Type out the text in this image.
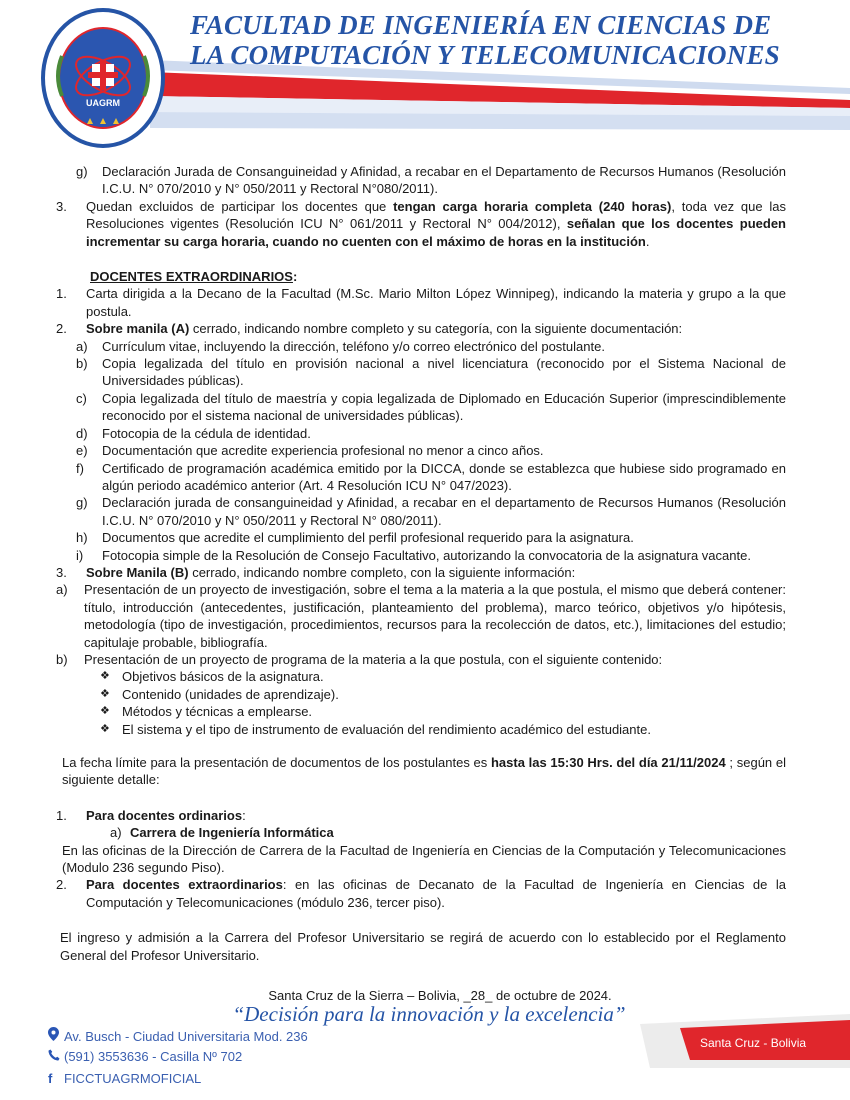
UAGRM
FACULTAD DE INGENIERÍA EN CIENCIAS DE
LA COMPUTACIÓN Y TELECOMUNICACIONES
g) Declaración Jurada de Consanguineidad y Afinidad, a recabar en el Departamento de Recursos Humanos (Resolución I.C.U. N° 070/2010 y N° 050/2011 y Rectoral N°080/2011).
3. Quedan excluidos de participar los docentes que tengan carga horaria completa (240 horas), toda vez que las Resoluciones vigentes (Resolución ICU N° 061/2011 y Rectoral N° 004/2012), señalan que los docentes pueden incrementar su carga horaria, cuando no cuenten con el máximo de horas en la institución.
DOCENTES EXTRAORDINARIOS:
1. Carta dirigida a la Decano de la Facultad (M.Sc. Mario Milton López Winnipeg), indicando la materia y grupo a la que postula.
2. Sobre manila (A) cerrado, indicando nombre completo y su categoría, con la siguiente documentación:
a) Currículum vitae, incluyendo la dirección, teléfono y/o correo electrónico del postulante.
b) Copia legalizada del título en provisión nacional a nivel licenciatura (reconocido por el Sistema Nacional de Universidades públicas).
c) Copia legalizada del título de maestría y copia legalizada de Diplomado en Educación Superior (imprescindiblemente reconocido por el sistema nacional de universidades públicas).
d) Fotocopia de la cédula de identidad.
e) Documentación que acredite experiencia profesional no menor a cinco años.
f) Certificado de programación académica emitido por la DICCA, donde se establezca que hubiese sido programado en algún periodo académico anterior (Art. 4 Resolución ICU N° 047/2023).
g) Declaración jurada de consanguineidad y Afinidad, a recabar en el departamento de Recursos Humanos (Resolución I.C.U. N° 070/2010 y N° 050/2011 y Rectoral N° 080/2011).
h) Documentos que acredite el cumplimiento del perfil profesional requerido para la asignatura.
i) Fotocopia simple de la Resolución de Consejo Facultativo, autorizando la convocatoria de la asignatura vacante.
3. Sobre Manila (B) cerrado, indicando nombre completo, con la siguiente información:
a) Presentación de un proyecto de investigación, sobre el tema a la materia a la que postula, el mismo que deberá contener: título, introducción (antecedentes, justificación, planteamiento del problema), marco teórico, objetivos y/o hipótesis, metodología (tipo de investigación, procedimientos, recursos para la recolección de datos, etc.), limitaciones del estudio; capitulaje probable, bibliografía.
b) Presentación de un proyecto de programa de la materia a la que postula, con el siguiente contenido:
❖ Objetivos básicos de la asignatura.
❖ Contenido (unidades de aprendizaje).
❖ Métodos y técnicas a emplearse.
❖ El sistema y el tipo de instrumento de evaluación del rendimiento académico del estudiante.
La fecha límite para la presentación de documentos de los postulantes es hasta las 15:30 Hrs. del día 21/11/2024 ; según el siguiente detalle:
1. Para docentes ordinarios:
a) Carrera de Ingeniería Informática
En las oficinas de la Dirección de Carrera de la Facultad de Ingeniería en Ciencias de la Computación y Telecomunicaciones (Modulo 236 segundo Piso).
2. Para docentes extraordinarios: en las oficinas de Decanato de la Facultad de Ingeniería en Ciencias de la Computación y Telecomunicaciones (módulo 236, tercer piso).
El ingreso y admisión a la Carrera del Profesor Universitario se regirá de acuerdo con lo establecido por el Reglamento General del Profesor Universitario.
Santa Cruz de la Sierra – Bolivia, _28_ de octubre de 2024.
“Decisión para la innovación y la excelencia”
Santa Cruz - Bolivia
Av. Busch - Ciudad Universitaria Mod. 236
(591) 3553636 - Casilla Nº 702
f FICCTUAGRMOFICIAL
